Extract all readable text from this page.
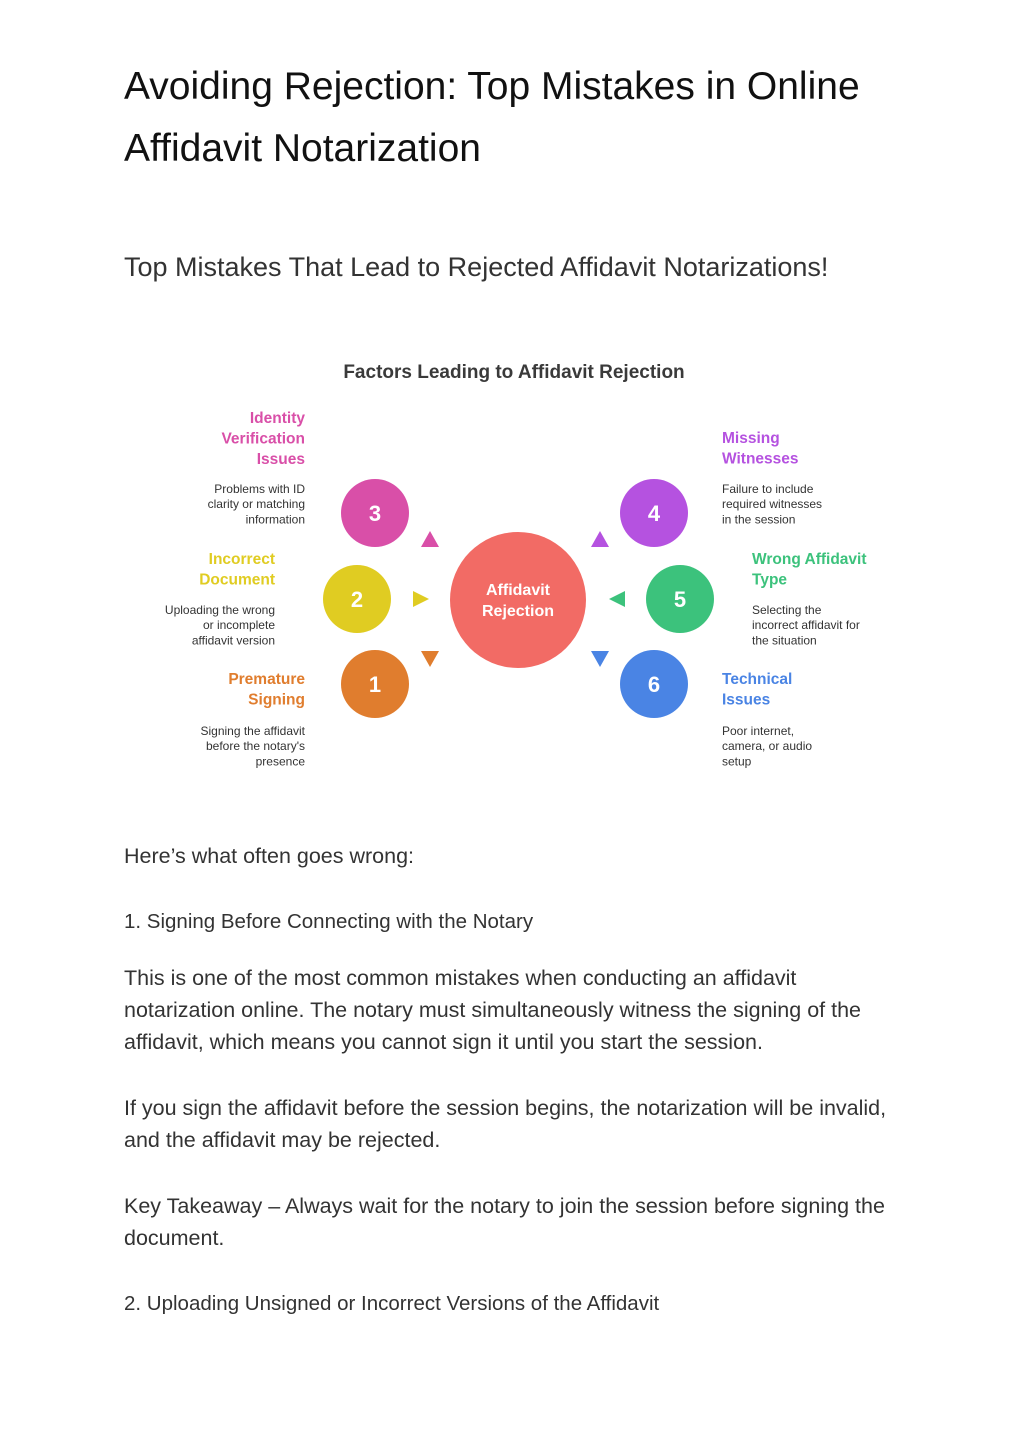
Avoiding Rejection: Top Mistakes in Online Affidavit Notarization
Top Mistakes That Lead to Rejected Affidavit Notarizations!
Factors Leading to Affidavit Rejection
Affidavit
Rejection
1
Premature
Signing
Signing the affidavit
before the notary's
presence
2
Incorrect
Document
Uploading the wrong
or incomplete
affidavit version
3
Identity
Verification
Issues
Problems with ID
clarity or matching
information	4
Missing
Witnesses
Failure to include
required witnesses
in the session
5
Wrong Affidavit
Type
Selecting the
incorrect affidavit for
the situation
6	Technical
Issues
Poor internet,
camera, or audio
setup

Here’s what often goes wrong:

1. Signing Before Connecting with the Notary

This is one of the most common mistakes when conducting an affidavit notarization online. The notary must simultaneously witness the signing of the affidavit, which means you cannot sign it until you start the session.

If you sign the affidavit before the session begins, the notarization will be invalid, and the affidavit may be rejected.

Key Takeaway – Always wait for the notary to join the session before signing the document.

2. Uploading Unsigned or Incorrect Versions of the Affidavit
